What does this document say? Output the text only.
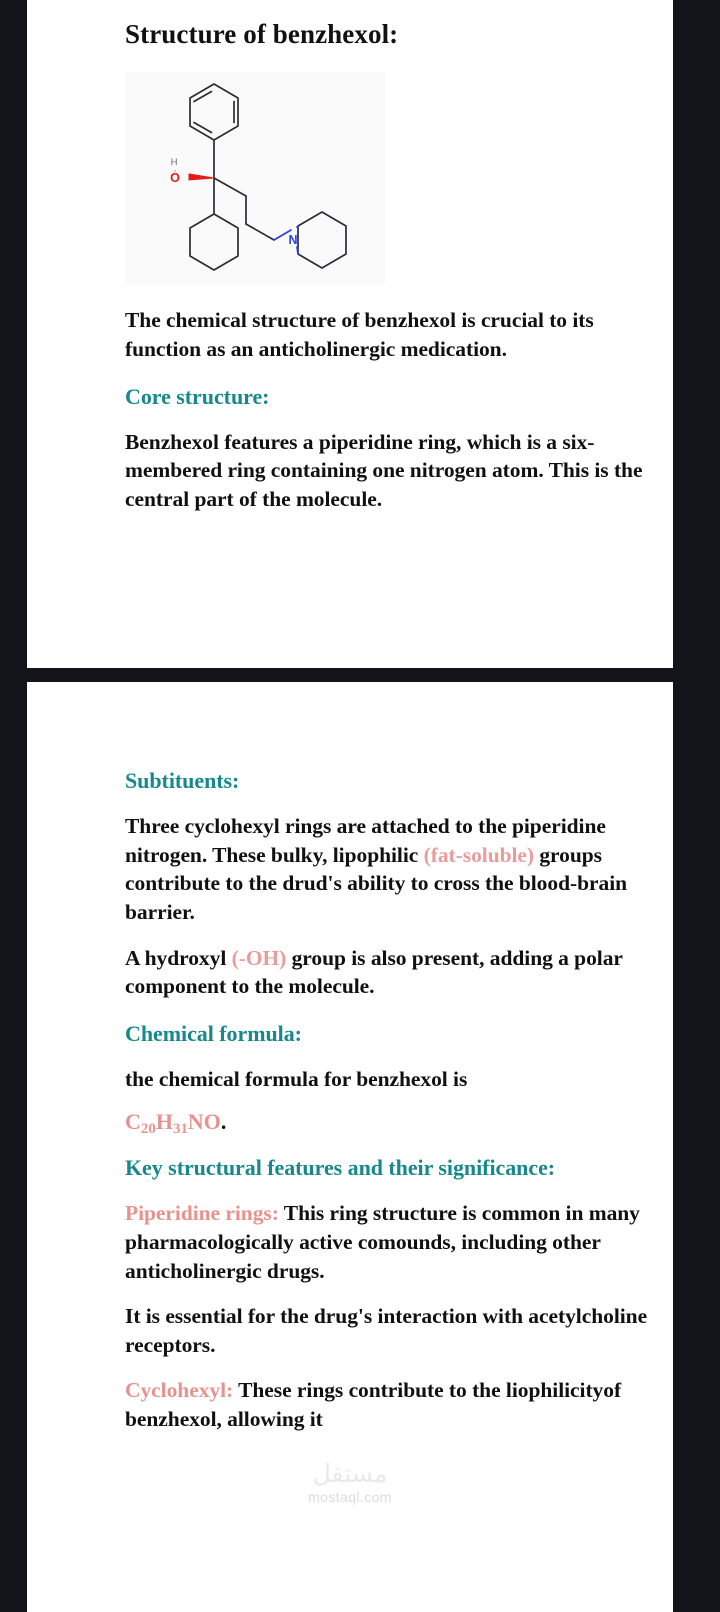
Structure of benzhexol:
O
H
N

The chemical structure of benzhexol is crucial to its function as an anticholinergic medication.

Core structure:

Benzhexol features a piperidine ring, which is a six-membered ring containing one nitrogen atom. This is the central part of the molecule.

Subtituents:

Three cyclohexyl rings are attached to the piperidine nitrogen. These bulky, lipophilic (fat-soluble) groups contribute to the drud's ability to cross the blood-brain barrier.

A hydroxyl (-OH) group is also present, adding a polar component to the molecule.

Chemical formula:

the chemical formula for benzhexol is

$C_{20}H_{31}NO$.

Key structural features and their significance:

Piperidine rings: This ring structure is common in many pharmacologically active comounds, including other anticholinergic drugs.

It is essential for the drug's interaction with acetylcholine receptors.

Cyclohexyl: These rings contribute to the liophilicityof benzhexol, allowing it

مستقل
mostaql.com
